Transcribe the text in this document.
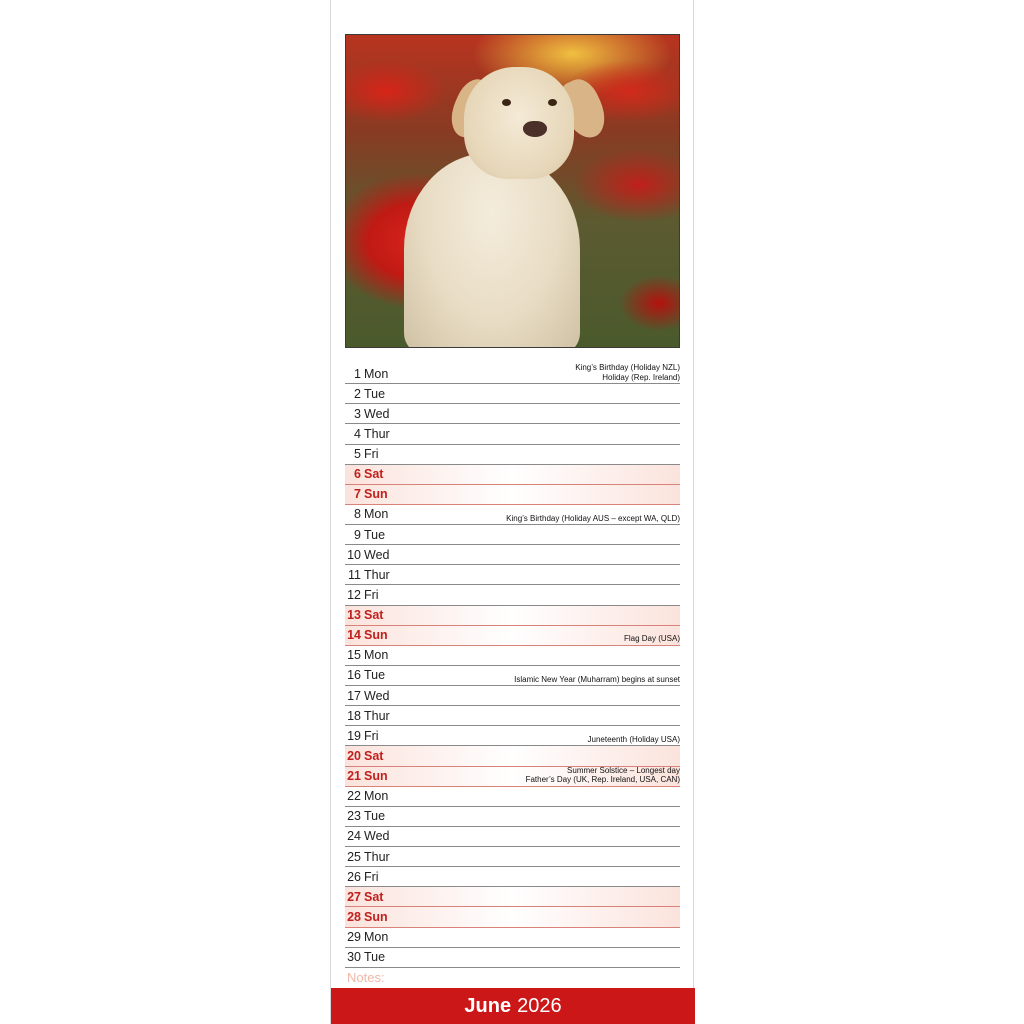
1 Mon	King’s Birthday (Holiday NZL)
Holiday (Rep. Ireland)
2 Tue
3 Wed
4 Thur
5 Fri
6 Sat
7 Sun
8 Mon	King’s Birthday (Holiday AUS – except WA, QLD)
9 Tue
10 Wed
11 Thur
12 Fri
13 Sat
14 Sun	Flag Day (USA)
15 Mon
16 Tue	Islamic New Year (Muharram) begins at sunset
17 Wed
18 Thur
19 Fri	Juneteenth (Holiday USA)
20 Sat
21 Sun	Summer Solstice – Longest day
Father’s Day (UK, Rep. Ireland, USA, CAN)
22 Mon
23 Tue
24 Wed
25 Thur
26 Fri
27 Sat
28 Sun
29 Mon
30 Tue
Notes:
June 2026
